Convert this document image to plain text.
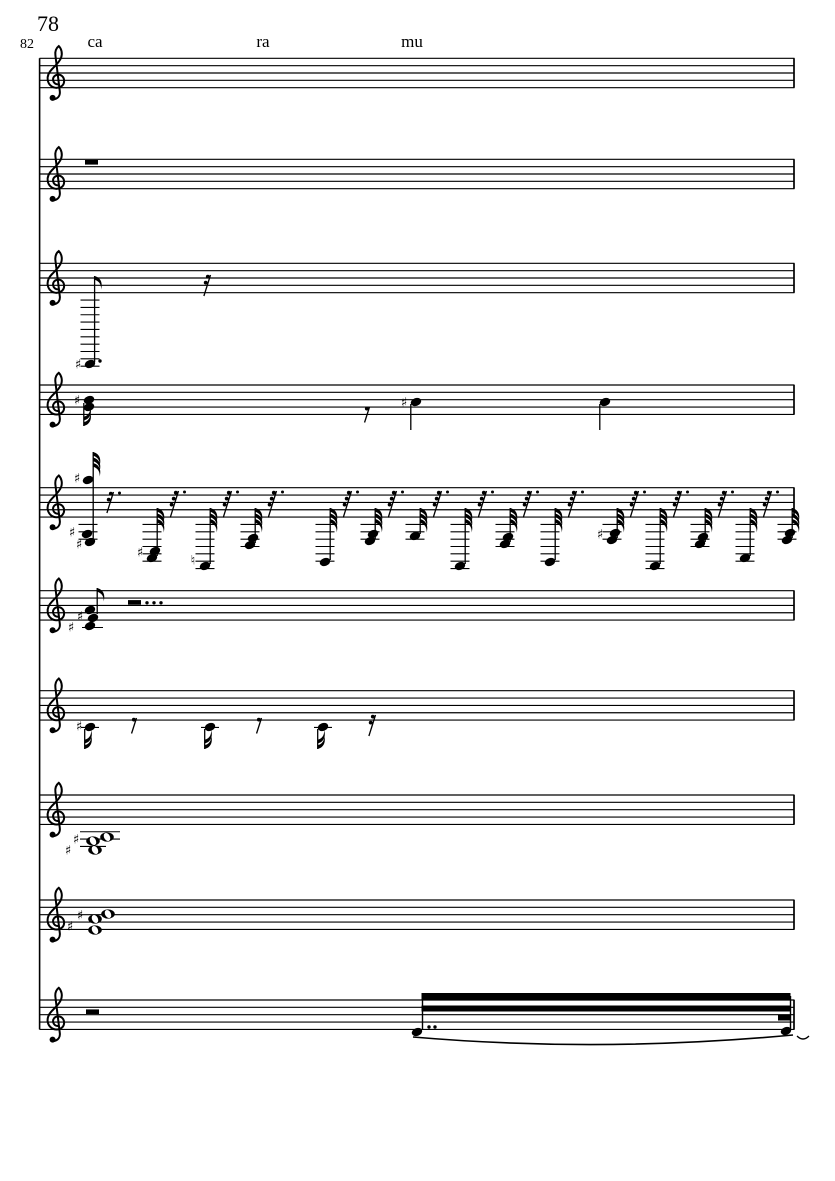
78
82
♯
♯	♯
♯
♯
♯
♯
♮
♯
♯
♯
♯
♯
♯
♯
♯
ca	ra	mu
